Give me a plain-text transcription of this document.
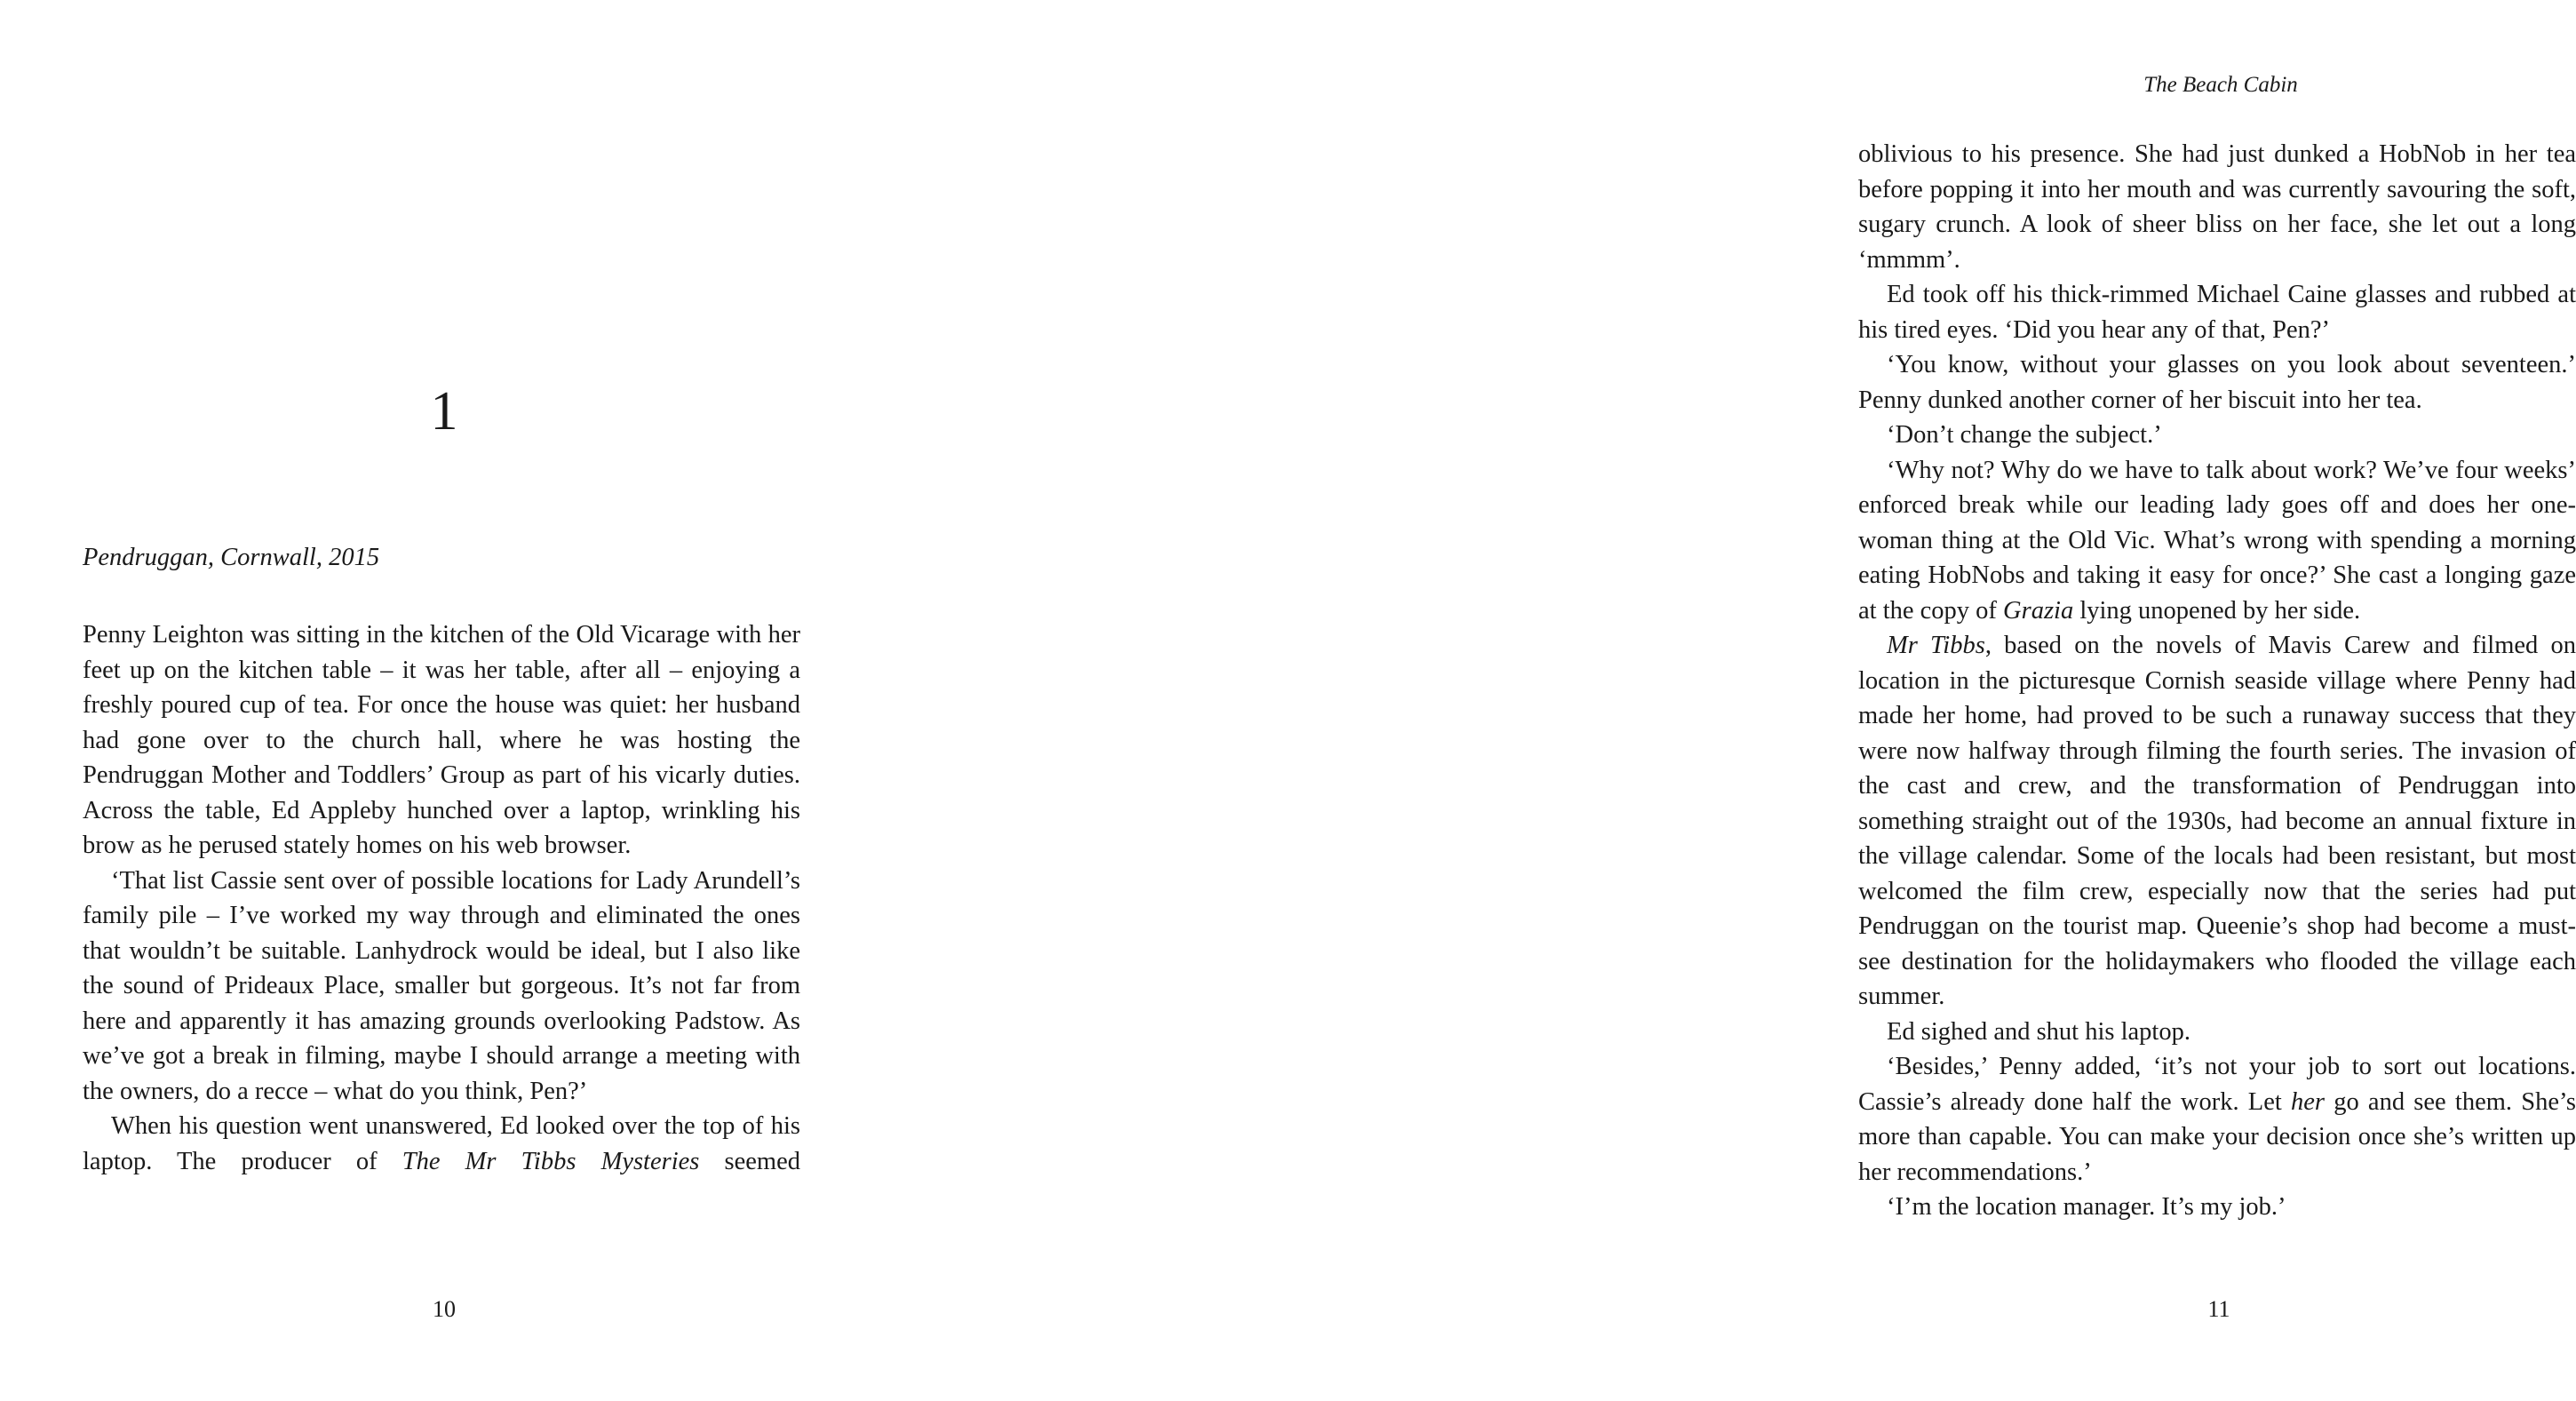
1
Pendruggan, Cornwall, 2015

Penny Leighton was sitting in the kitchen of the Old Vicarage with her feet up on the kitchen table – it was her table, after all – enjoying a freshly poured cup of tea. For once the house was quiet: her husband had gone over to the church hall, where he was hosting the Pendruggan Mother and Toddlers’ Group as part of his vicarly duties. Across the table, Ed Appleby hunched over a laptop, wrinkling his brow as he perused stately homes on his web browser.

‘That list Cassie sent over of possible locations for Lady Arundell’s family pile – I’ve worked my way through and eliminated the ones that wouldn’t be suitable. Lanhydrock would be ideal, but I also like the sound of Prideaux Place, smaller but gorgeous. It’s not far from here and apparently it has amazing grounds overlooking Padstow. As we’ve got a break in filming, maybe I should arrange a meeting with the owners, do a recce – what do you think, Pen?’

When his question went unanswered, Ed looked over the top of his laptop. The producer of The Mr Tibbs Mysteries seemed

10
The Beach Cabin

oblivious to his presence. She had just dunked a HobNob in her tea before popping it into her mouth and was currently savouring the soft, sugary crunch. A look of sheer bliss on her face, she let out a long ‘mmmm’.

Ed took off his thick-rimmed Michael Caine glasses and rubbed at his tired eyes. ‘Did you hear any of that, Pen?’

‘You know, without your glasses on you look about seventeen.’ Penny dunked another corner of her biscuit into her tea.

‘Don’t change the subject.’

‘Why not? Why do we have to talk about work? We’ve four weeks’ enforced break while our leading lady goes off and does her one-woman thing at the Old Vic. What’s wrong with spending a morning eating HobNobs and taking it easy for once?’ She cast a longing gaze at the copy of Grazia lying unopened by her side.

Mr Tibbs, based on the novels of Mavis Carew and filmed on location in the picturesque Cornish seaside village where Penny had made her home, had proved to be such a runaway success that they were now halfway through filming the fourth series. The invasion of the cast and crew, and the transformation of Pendruggan into something straight out of the 1930s, had become an annual fixture in the village calendar. Some of the locals had been resistant, but most welcomed the film crew, especially now that the series had put Pendruggan on the tourist map. Queenie’s shop had become a must-see destination for the holidaymakers who flooded the village each summer.

Ed sighed and shut his laptop.

‘Besides,’ Penny added, ‘it’s not your job to sort out locations. Cassie’s already done half the work. Let her go and see them. She’s more than capable. You can make your decision once she’s written up her recommendations.’

‘I’m the location manager. It’s my job.’

11
